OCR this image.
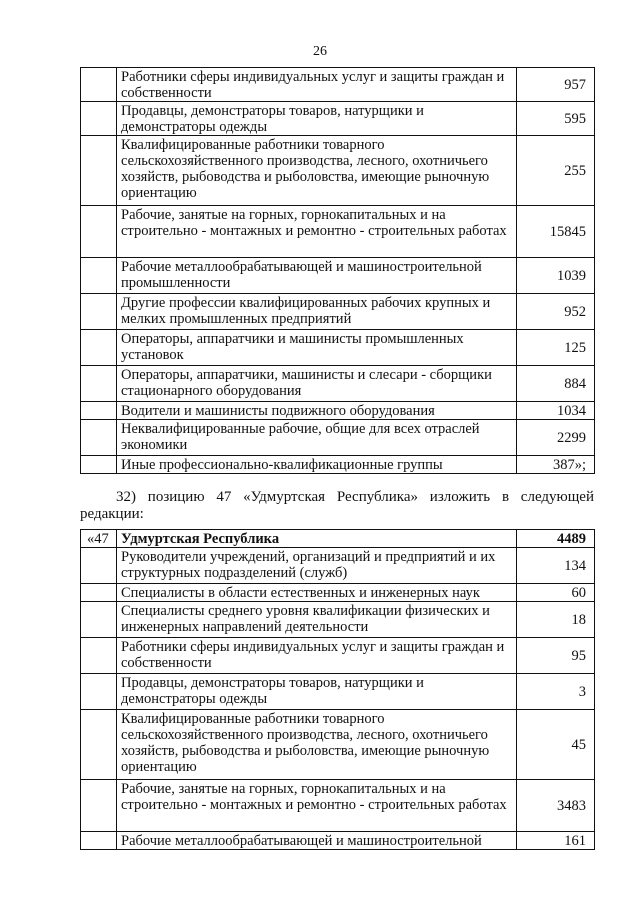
26
	Работники сферы индивидуальных услуг и защиты граждан и собственности	957
	Продавцы, демонстраторы товаров, натурщики и демонстраторы одежды	595
	Квалифицированные работники товарного сельскохозяйственного производства, лесного, охотничьего хозяйств, рыбоводства и рыболовства, имеющие рыночную ориентацию	255
	Рабочие, занятые на горных, горнокапитальных и на строительно - монтажных и ремонтно - строительных работах	15845
	Рабочие металлообрабатывающей и машиностроительной промышленности	1039
	Другие профессии квалифицированных рабочих крупных и мелких промышленных предприятий	952
	Операторы, аппаратчики и машинисты промышленных установок	125
	Операторы, аппаратчики, машинисты и слесари - сборщики стационарного оборудования	884
	Водители и машинисты подвижного оборудования	1034
	Неквалифицированные рабочие, общие для всех отраслей экономики	2299
	Иные профессионально-квалификационные группы	387»;
32) позицию 47 «Удмуртская Республика» изложить в следующей редакции:
«47	Удмуртская Республика	4489
	Руководители учреждений, организаций и предприятий и их структурных подразделений (служб)	134
	Специалисты в области естественных и инженерных наук	60
	Специалисты среднего уровня квалификации физических и инженерных направлений деятельности	18
	Работники сферы индивидуальных услуг и защиты граждан и собственности	95
	Продавцы, демонстраторы товаров, натурщики и демонстраторы одежды	3
	Квалифицированные работники товарного сельскохозяйственного производства, лесного, охотничьего хозяйств, рыбоводства и рыболовства, имеющие рыночную ориентацию	45
	Рабочие, занятые на горных, горнокапитальных и на строительно - монтажных и ремонтно - строительных работах	3483
	Рабочие металлообрабатывающей и машиностроительной	161
